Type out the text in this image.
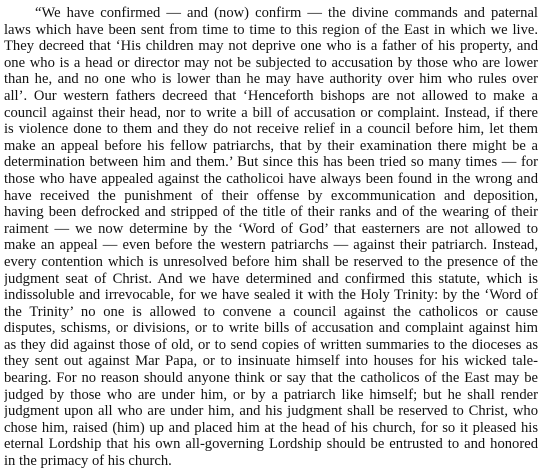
“We have confirmed — and (now) confirm — the divine commands and paternal
laws which have been sent from time to time to this region of the East in which we live.
They decreed that ‘His children may not deprive one who is a father of his property, and
one who is a head or director may not be subjected to accusation by those who are lower
than he, and no one who is lower than he may have authority over him who rules over
all’. Our western fathers decreed that ‘Henceforth bishops are not allowed to make a
council against their head, nor to write a bill of accusation or complaint. Instead, if there
is violence done to them and they do not receive relief in a council before him, let them
make an appeal before his fellow patriarchs, that by their examination there might be a
determination between him and them.’ But since this has been tried so many times — for
those who have appealed against the catholicoi have always been found in the wrong and
have received the punishment of their offense by excommunication and deposition,
having been defrocked and stripped of the title of their ranks and of the wearing of their
raiment — we now determine by the ‘Word of God’ that easterners are not allowed to
make an appeal — even before the western patriarchs — against their patriarch. Instead,
every contention which is unresolved before him shall be reserved to the presence of the
judgment seat of Christ. And we have determined and confirmed this statute, which is
indissoluble and irrevocable, for we have sealed it with the Holy Trinity: by the ‘Word of
the Trinity’ no one is allowed to convene a council against the catholicos or cause
disputes, schisms, or divisions, or to write bills of accusation and complaint against him
as they did against those of old, or to send copies of written summaries to the dioceses as
they sent out against Mar Papa, or to insinuate himself into houses for his wicked tale-
bearing. For no reason should anyone think or say that the catholicos of the East may be
judged by those who are under him, or by a patriarch like himself; but he shall render
judgment upon all who are under him, and his judgment shall be reserved to Christ, who
chose him, raised (him) up and placed him at the head of his church, for so it pleased his
eternal Lordship that his own all-governing Lordship should be entrusted to and honored
in the primacy of his church.
